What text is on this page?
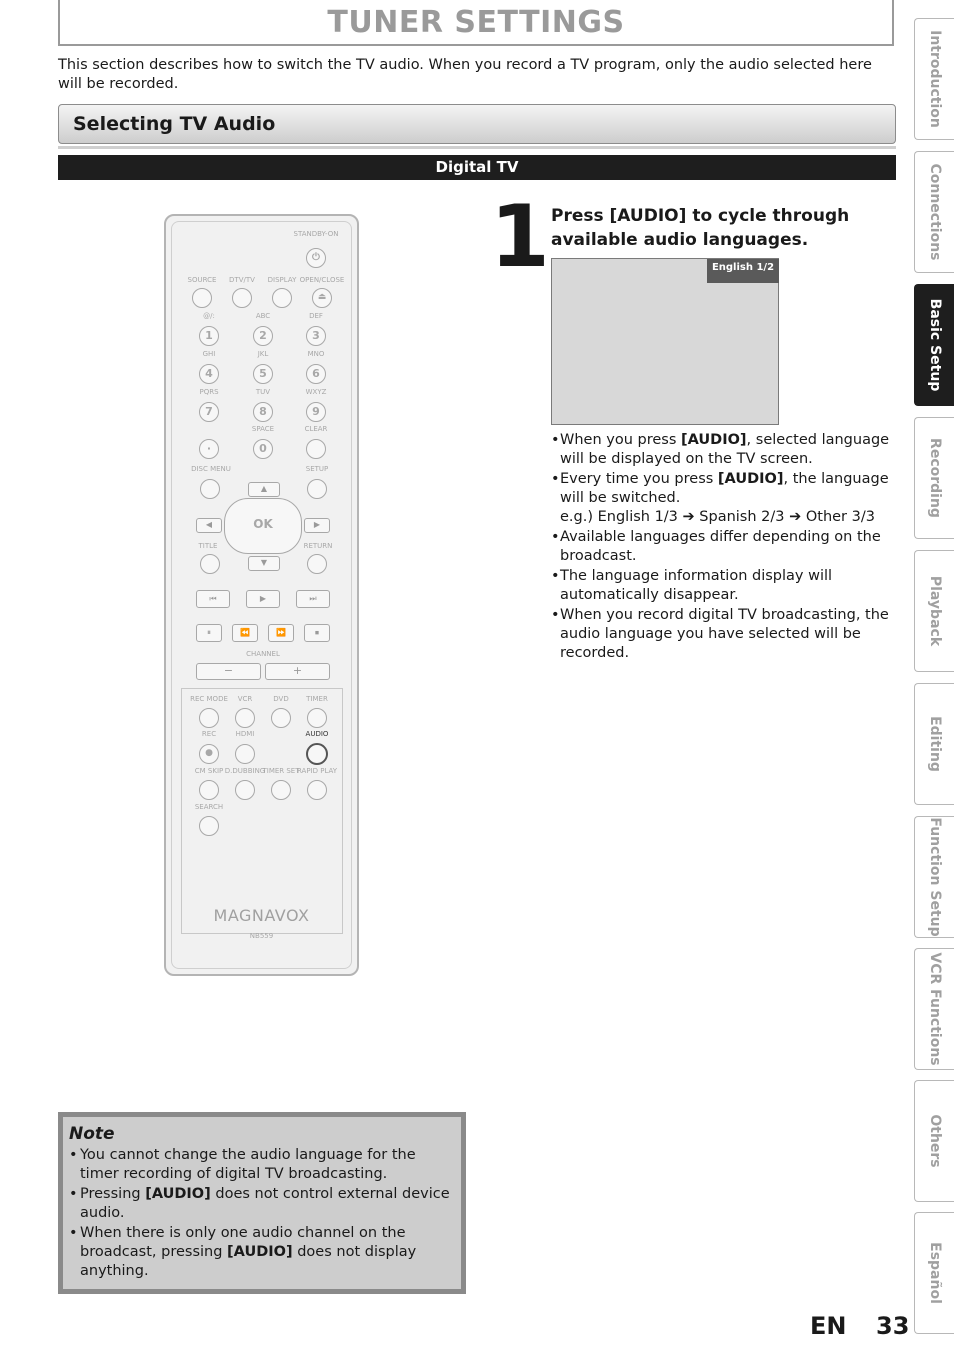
TUNER SETTINGS
This section describes how to switch the TV audio. When you record a TV program, only the audio selected here will be recorded.
Selecting TV Audio
Digital TV
STANDBY-ON
⏻
SOURCE DTV/TV DISPLAY OPEN/CLOSE
⏏
@/:	ABC	DEF
1	2	3
GHI	JKL	MNO
4	5	6
PQRS	TUV	WXYZ
7	8	9
SPACE	CLEAR
·	0
DISC MENU	SETUP
▲
▼
◀	▶
OK
TITLE	RETURN
⏮	▶	⏭
⏸	⏪	⏩	⏹
CHANNEL
−	+
REC MODE VCR	DVD TIMER
REC	HDMI	AUDIO
●
CM SKIP D.DUBBING
TIMER SET
RAPID PLAY
SEARCH
MAGNAVOX
NB559
1 Press [AUDIO] to cycle through available audio languages.
English 1/2
• When you press [AUDIO], selected language will be displayed on the TV screen.
• Every time you press [AUDIO], the language will be switched.
e.g.) English 1/3 ➔ Spanish 2/3 ➔ Other 3/3
• Available languages differ depending on the broadcast.
• The language information display will automatically disappear.
• When you record digital TV broadcasting, the audio language you have selected will be recorded.
Note
• You cannot change the audio language for the timer recording of digital TV broadcasting.
• Pressing [AUDIO] does not control external device audio.
• When there is only one audio channel on the broadcast, pressing [AUDIO] does not display anything.
Introduction
Connections
Basic Setup
Recording
Playback
Editing
Function Setup
VCR Functions
Others
Español
EN 33
